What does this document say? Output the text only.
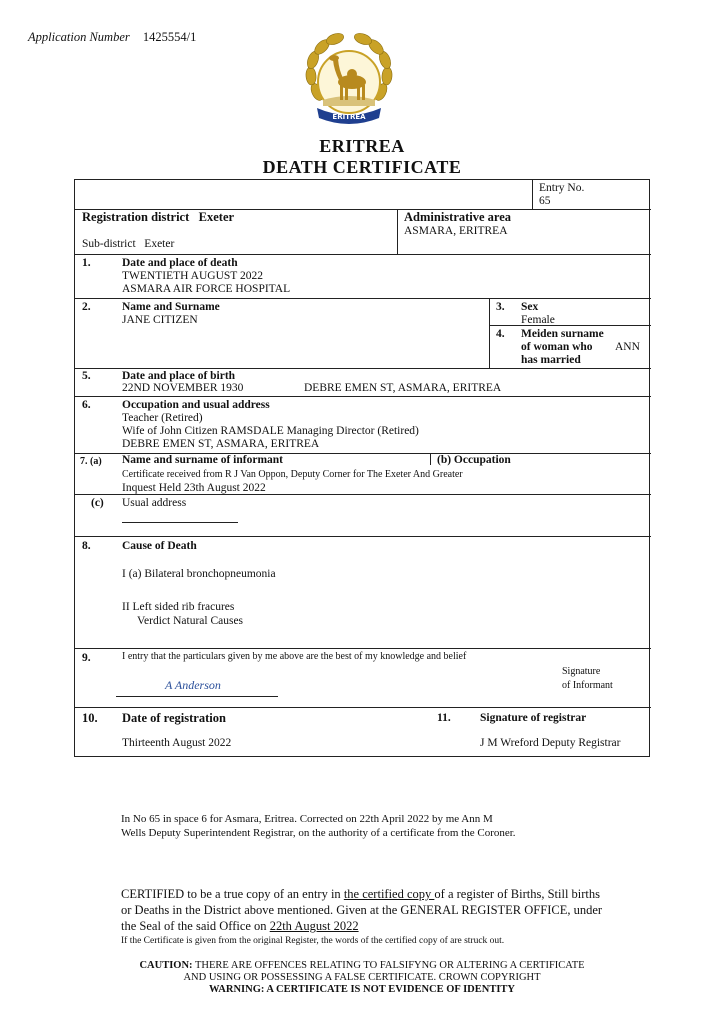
Application Number 1425554/1
ERITREA
ERITREA
DEATH CERTIFICATE
Entry No.
65
Registration district Exeter
Sub-district Exeter
Administrative area
ASMARA, ERITREA
1.	Date and place of death
TWENTIETH AUGUST 2022
ASMARA AIR FORCE HOSPITAL
2.	Name and Surname
JANE CITIZEN
3. Sex
Female
4. Meiden surname
of woman who
has married
ANN
5.	Date and place of birth
22ND NOVEMBER 1930	DEBRE EMEN ST, ASMARA, ERITREA
6.	Occupation and usual address
Teacher (Retired)
Wife of John Citizen RAMSDALE Managing Director (Retired)
DEBRE EMEN ST, ASMARA, ERITREA
7. (a) Name and surname of informant	(b) Occupation
Certificate received from R J Van Oppon, Deputy Corner for The Exeter And Greater
Inquest Held 23th August 2022
(c) Usual address
8.	Cause of Death
I (a) Bilateral bronchopneumonia
II Left sided rib fracures
Verdict Natural Causes
9.	I entry that the particulars given by me above are the best of my knowledge and belief
A Anderson
Signature
of Informant
10. Date of registration
Thirteenth August 2022
11.	Signature of registrar
J M Wreford Deputy Registrar
In No 65 in space 6 for Asmara, Eritrea. Corrected on 22th April 2022 by me Ann M
Wells Deputy Superintendent Registrar, on the authority of a certificate from the Coroner.
CERTIFIED to be a true copy of an entry in the certified copy of a register of Births, Still births
or Deaths in the District above mentioned. Given at the GENERAL REGISTER OFFICE, under
the Seal of the said Office on 22th August 2022
If the Certificate is given from the original Register, the words of the certified copy of are struck out.
CAUTION: THERE ARE OFFENCES RELATING TO FALSIFYNG OR ALTERING A CERTIFICATE
AND USING OR POSSESSING A FALSE CERTIFICATE. CROWN COPYRIGHT
WARNING: A CERTIFICATE IS NOT EVIDENCE OF IDENTITY
